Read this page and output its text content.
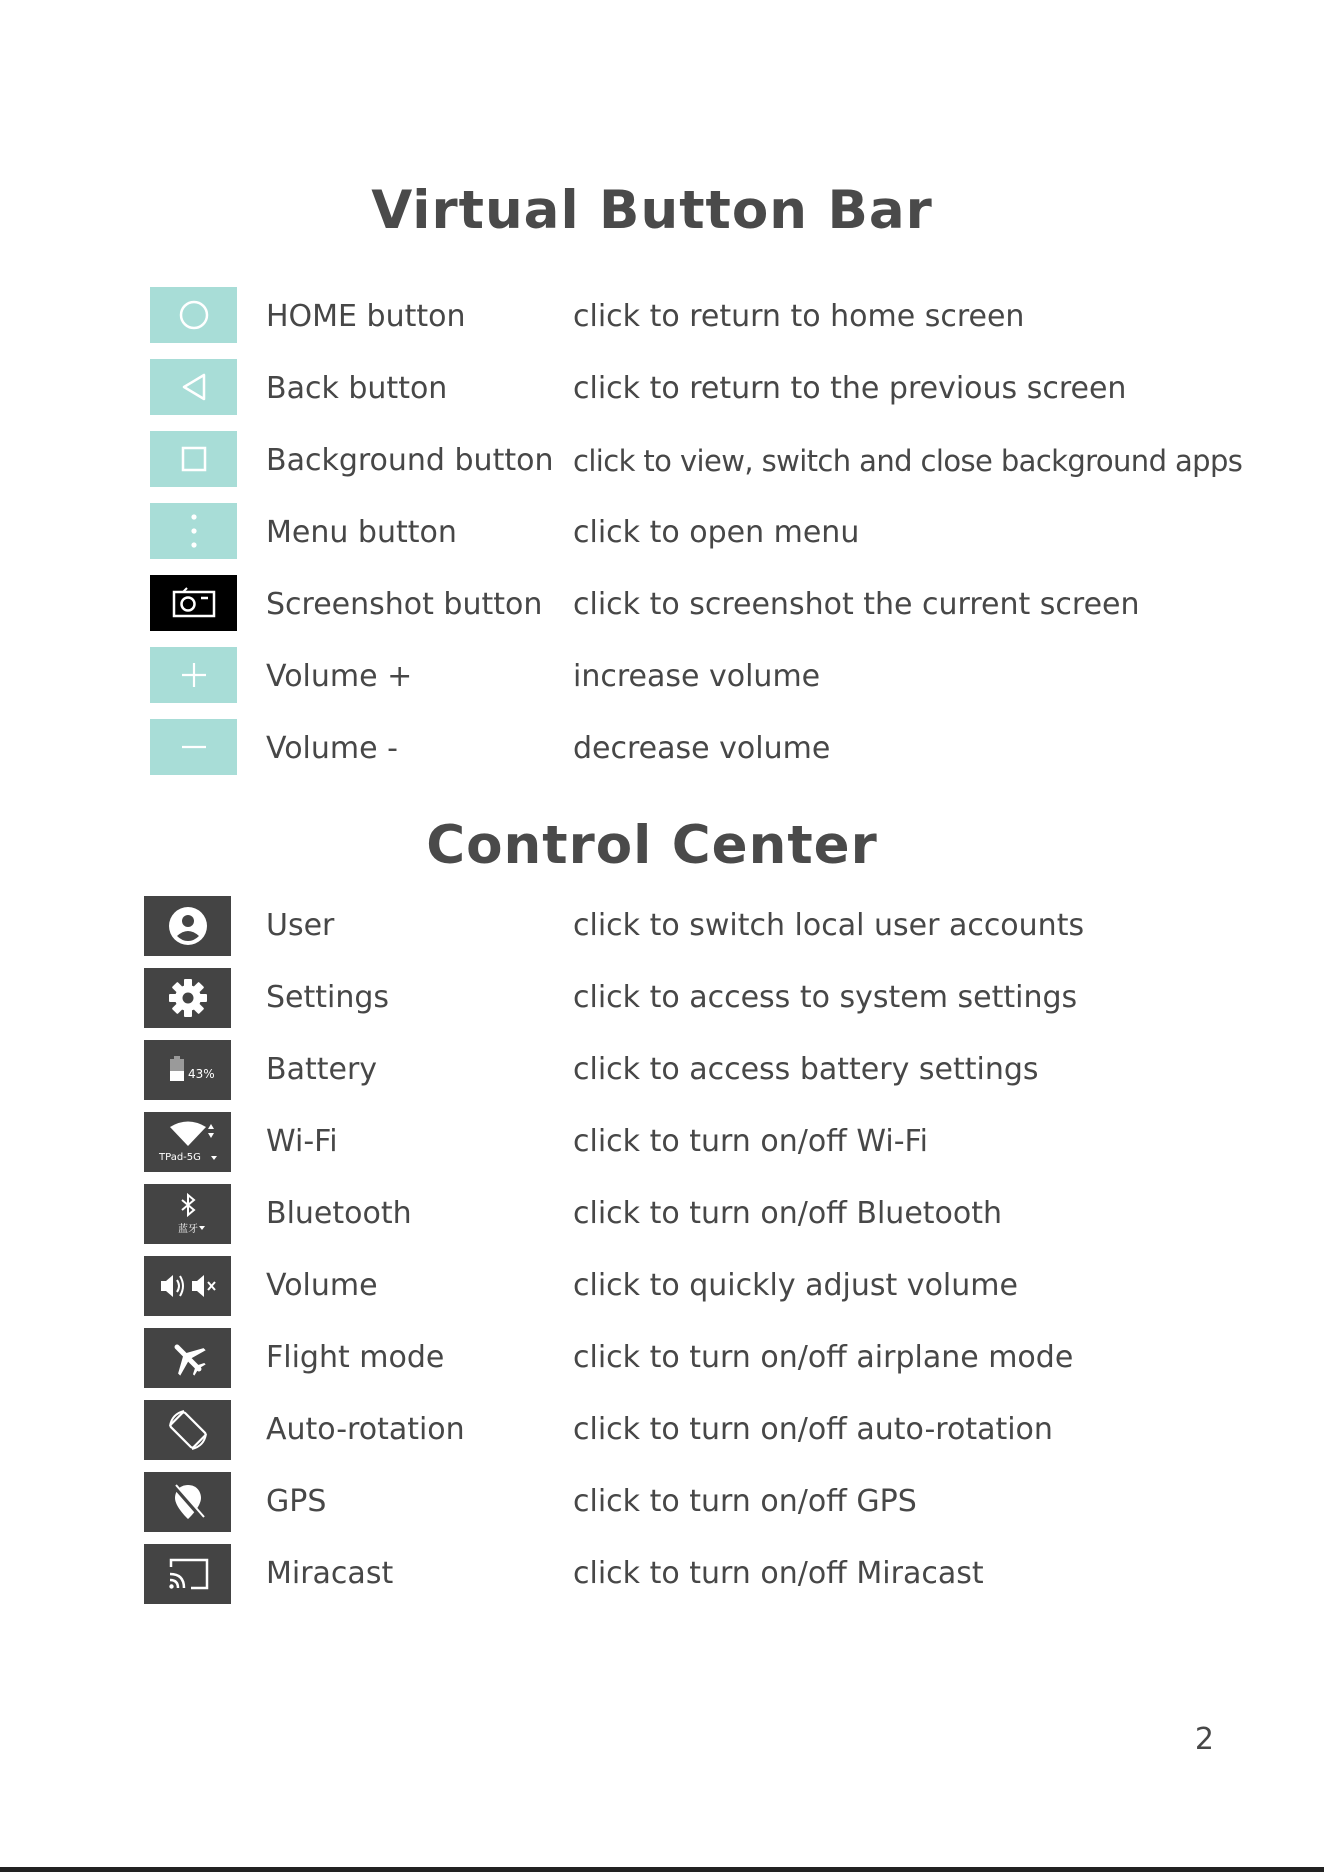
Virtual Button Bar
HOME button	click to return to home screen
Back button	click to return to the previous screen
Background button click to view, switch and close background apps
Menu button	click to open menu
Screenshot button click to screenshot the current screen
Volume +	increase volume
Volume -	decrease volume
Control Center
User	click to switch local user accounts
Settings	click to access to system settings
43% Battery	click to access battery settings
TPad-5G Wi-Fi	click to turn on/off Wi-Fi
蓝牙 Bluetooth	click to turn on/off Bluetooth
Volume	click to quickly adjust volume
Flight mode	click to turn on/off airplane mode
Auto-rotation	click to turn on/off auto-rotation
GPS	click to turn on/off GPS
Miracast	click to turn on/off Miracast
2
